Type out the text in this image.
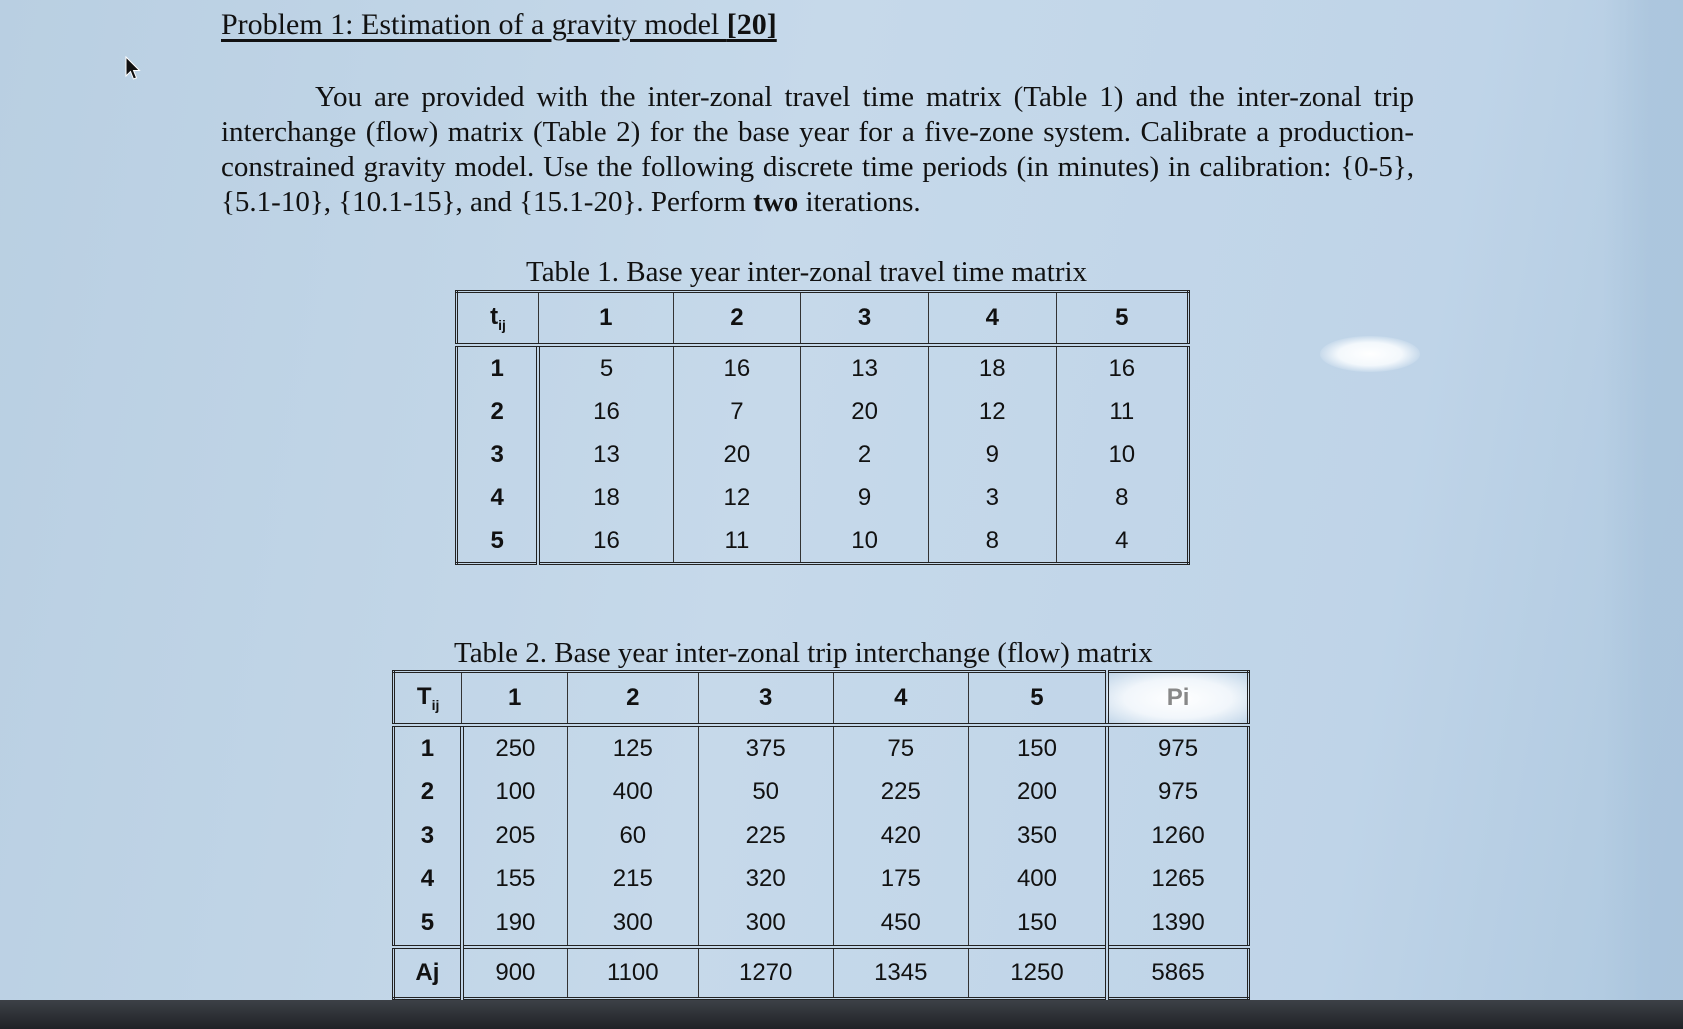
Problem 1: Estimation of a gravity model [20]
You are provided with the inter-zonal travel time matrix (Table 1) and the inter-zonal trip interchange (flow) matrix (Table 2) for the base year for a five-zone system. Calibrate a production-constrained gravity model. Use the following discrete time periods (in minutes) in calibration: {0-5}, {5.1-10}, {10.1-15}, and {15.1-20}. Perform two iterations.
Table 1. Base year inter-zonal travel time matrix
$t_{ij}$	1	2	3	4	5
1	5	16	13	18	16
2	16	7	20	12	11
3	13	20	2	9	10
4	18	12	9	3	8
5	16	11	10	8	4
Table 2. Base year inter-zonal trip interchange (flow) matrix
$T_{ij}$	1	2	3	4	5	Pi
1	250	125	375	75	150	975
2	100	400	50	225	200	975
3	205	60	225	420	350	1260
4	155	215	320	175	400	1265
5	190	300	300	450	150	1390
Aj	900	1100	1270	1345	1250	5865
